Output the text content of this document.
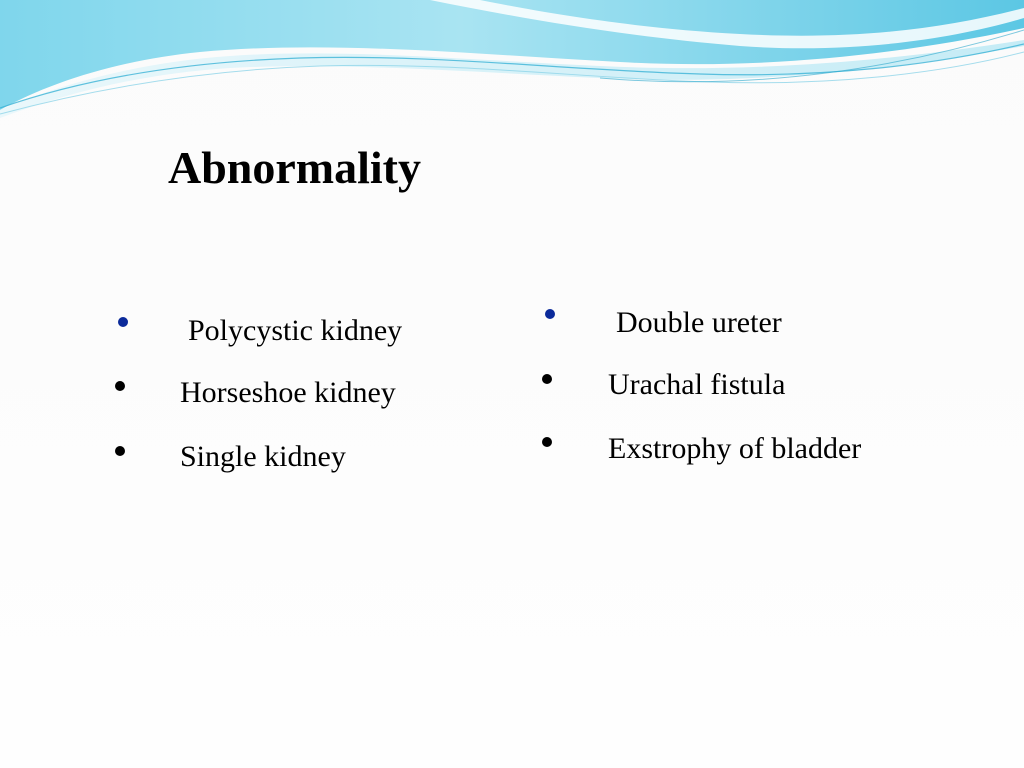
Abnormality
Polycystic kidney
Horseshoe kidney
Single kidney
Double ureter
Urachal fistula
Exstrophy of bladder
